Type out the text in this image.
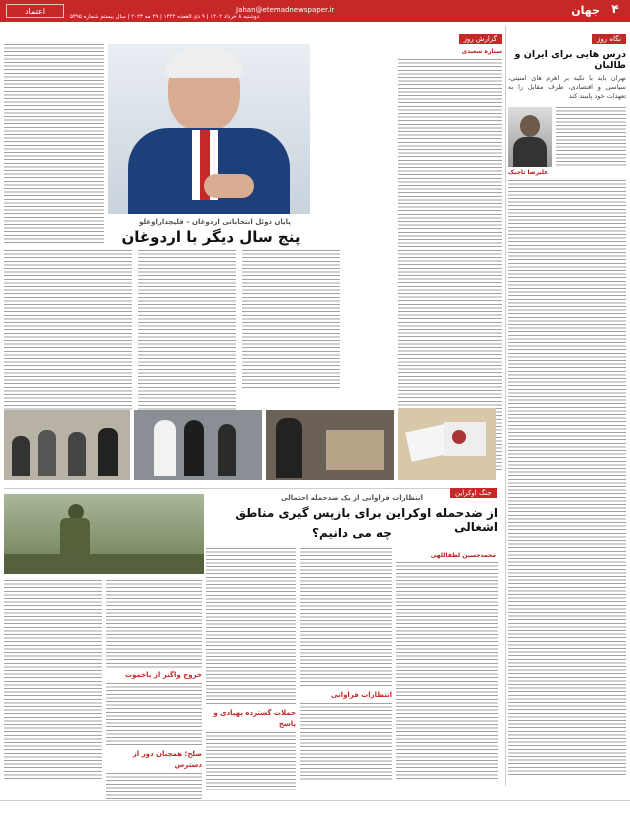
۴
جهان
Jahan@etemadnewspaper.ir
دوشنبه ۸ خرداد ۱۴۰۲ | ۹ ذی القعده ۱۴۴۴ | ۲۹ مه ۲۰۲۳ | سال بیستم شماره ۵۴۹۵
اعتماد
نگاه روز
درس هایی برای ایران و طالبان
تهران باید با تکیه بر اهرم های امنیتی، سیاسی و اقتصادی، طرف مقابل را به تعهدات خود پایبند کند
علیرضا تاجیک
گزارش روز
ستاره سعیدی
پایان دوئل انتخاباتی اردوغان – قلیچداراوغلو
پنج سال دیگر با اردوغان
جنگ اوکراین
انتظارات فراوانی از یک ضدحمله احتمالی
از ضدحمله اوکراین برای بازپس گیری مناطق اشغالی
چه می دانیم؟
محمدحسین لطفاللهی
انتظارات فراوانی
حملات گسترده پهپادی و پاسخ
خروج واگنر از باخموت
صلح؛ همچنان دور از دسترس
